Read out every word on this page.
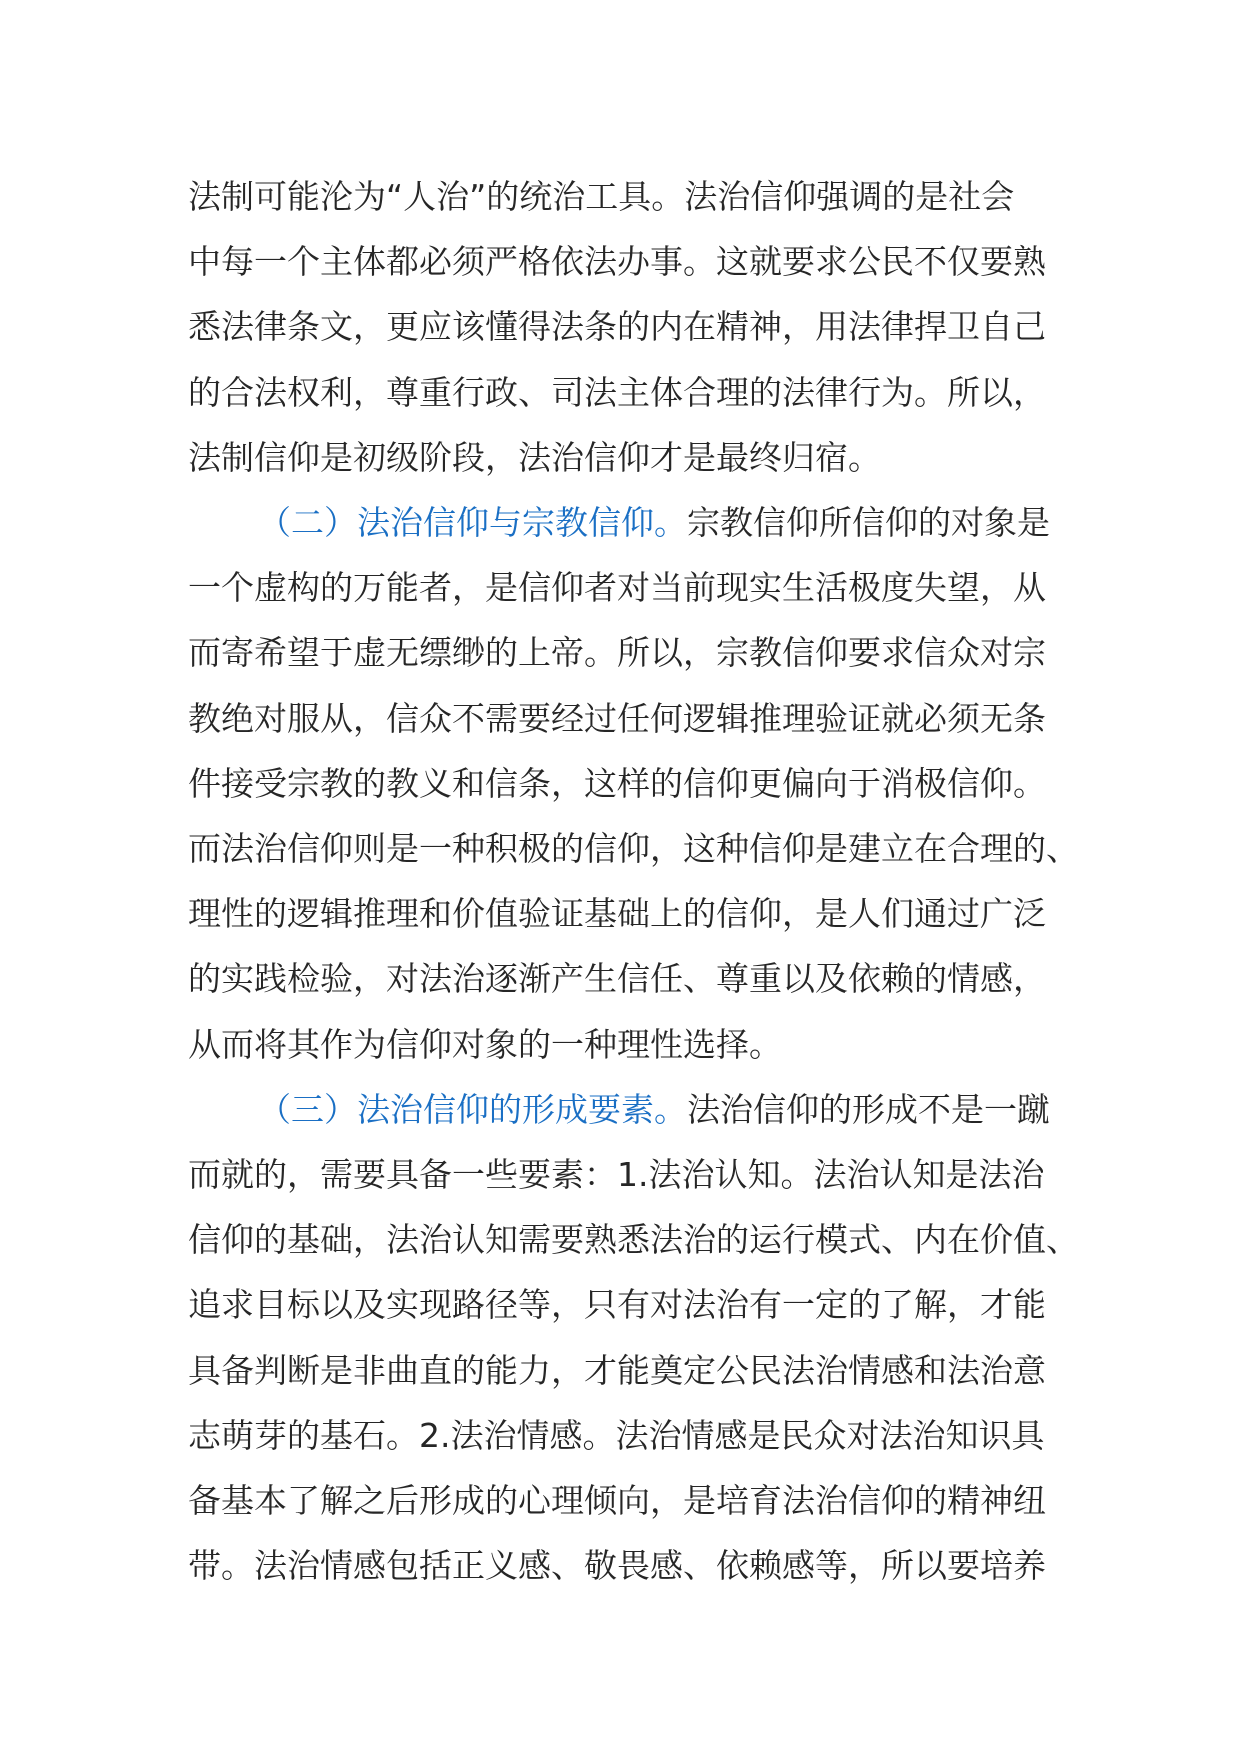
法制可能沦为“人治”的统治工具。法治信仰强调的是社会
中每一个主体都必须严格依法办事。这就要求公民不仅要熟
悉法律条文，更应该懂得法条的内在精神，用法律捍卫自己
的合法权利，尊重行政、司法主体合理的法律行为。所以，
法制信仰是初级阶段，法治信仰才是最终归宿。
（二）法治信仰与宗教信仰。宗教信仰所信仰的对象是
一个虚构的万能者，是信仰者对当前现实生活极度失望，从
而寄希望于虚无缥缈的上帝。所以，宗教信仰要求信众对宗
教绝对服从，信众不需要经过任何逻辑推理验证就必须无条
件接受宗教的教义和信条，这样的信仰更偏向于消极信仰。
而法治信仰则是一种积极的信仰，这种信仰是建立在合理的、
理性的逻辑推理和价值验证基础上的信仰，是人们通过广泛
的实践检验，对法治逐渐产生信任、尊重以及依赖的情感，
从而将其作为信仰对象的一种理性选择。
（三）法治信仰的形成要素。法治信仰的形成不是一蹴
而就的，需要具备一些要素：1.法治认知。法治认知是法治
信仰的基础，法治认知需要熟悉法治的运行模式、内在价值、
追求目标以及实现路径等，只有对法治有一定的了解，才能
具备判断是非曲直的能力，才能奠定公民法治情感和法治意
志萌芽的基石。2.法治情感。法治情感是民众对法治知识具
备基本了解之后形成的心理倾向，是培育法治信仰的精神纽
带。法治情感包括正义感、敬畏感、依赖感等，所以要培养
